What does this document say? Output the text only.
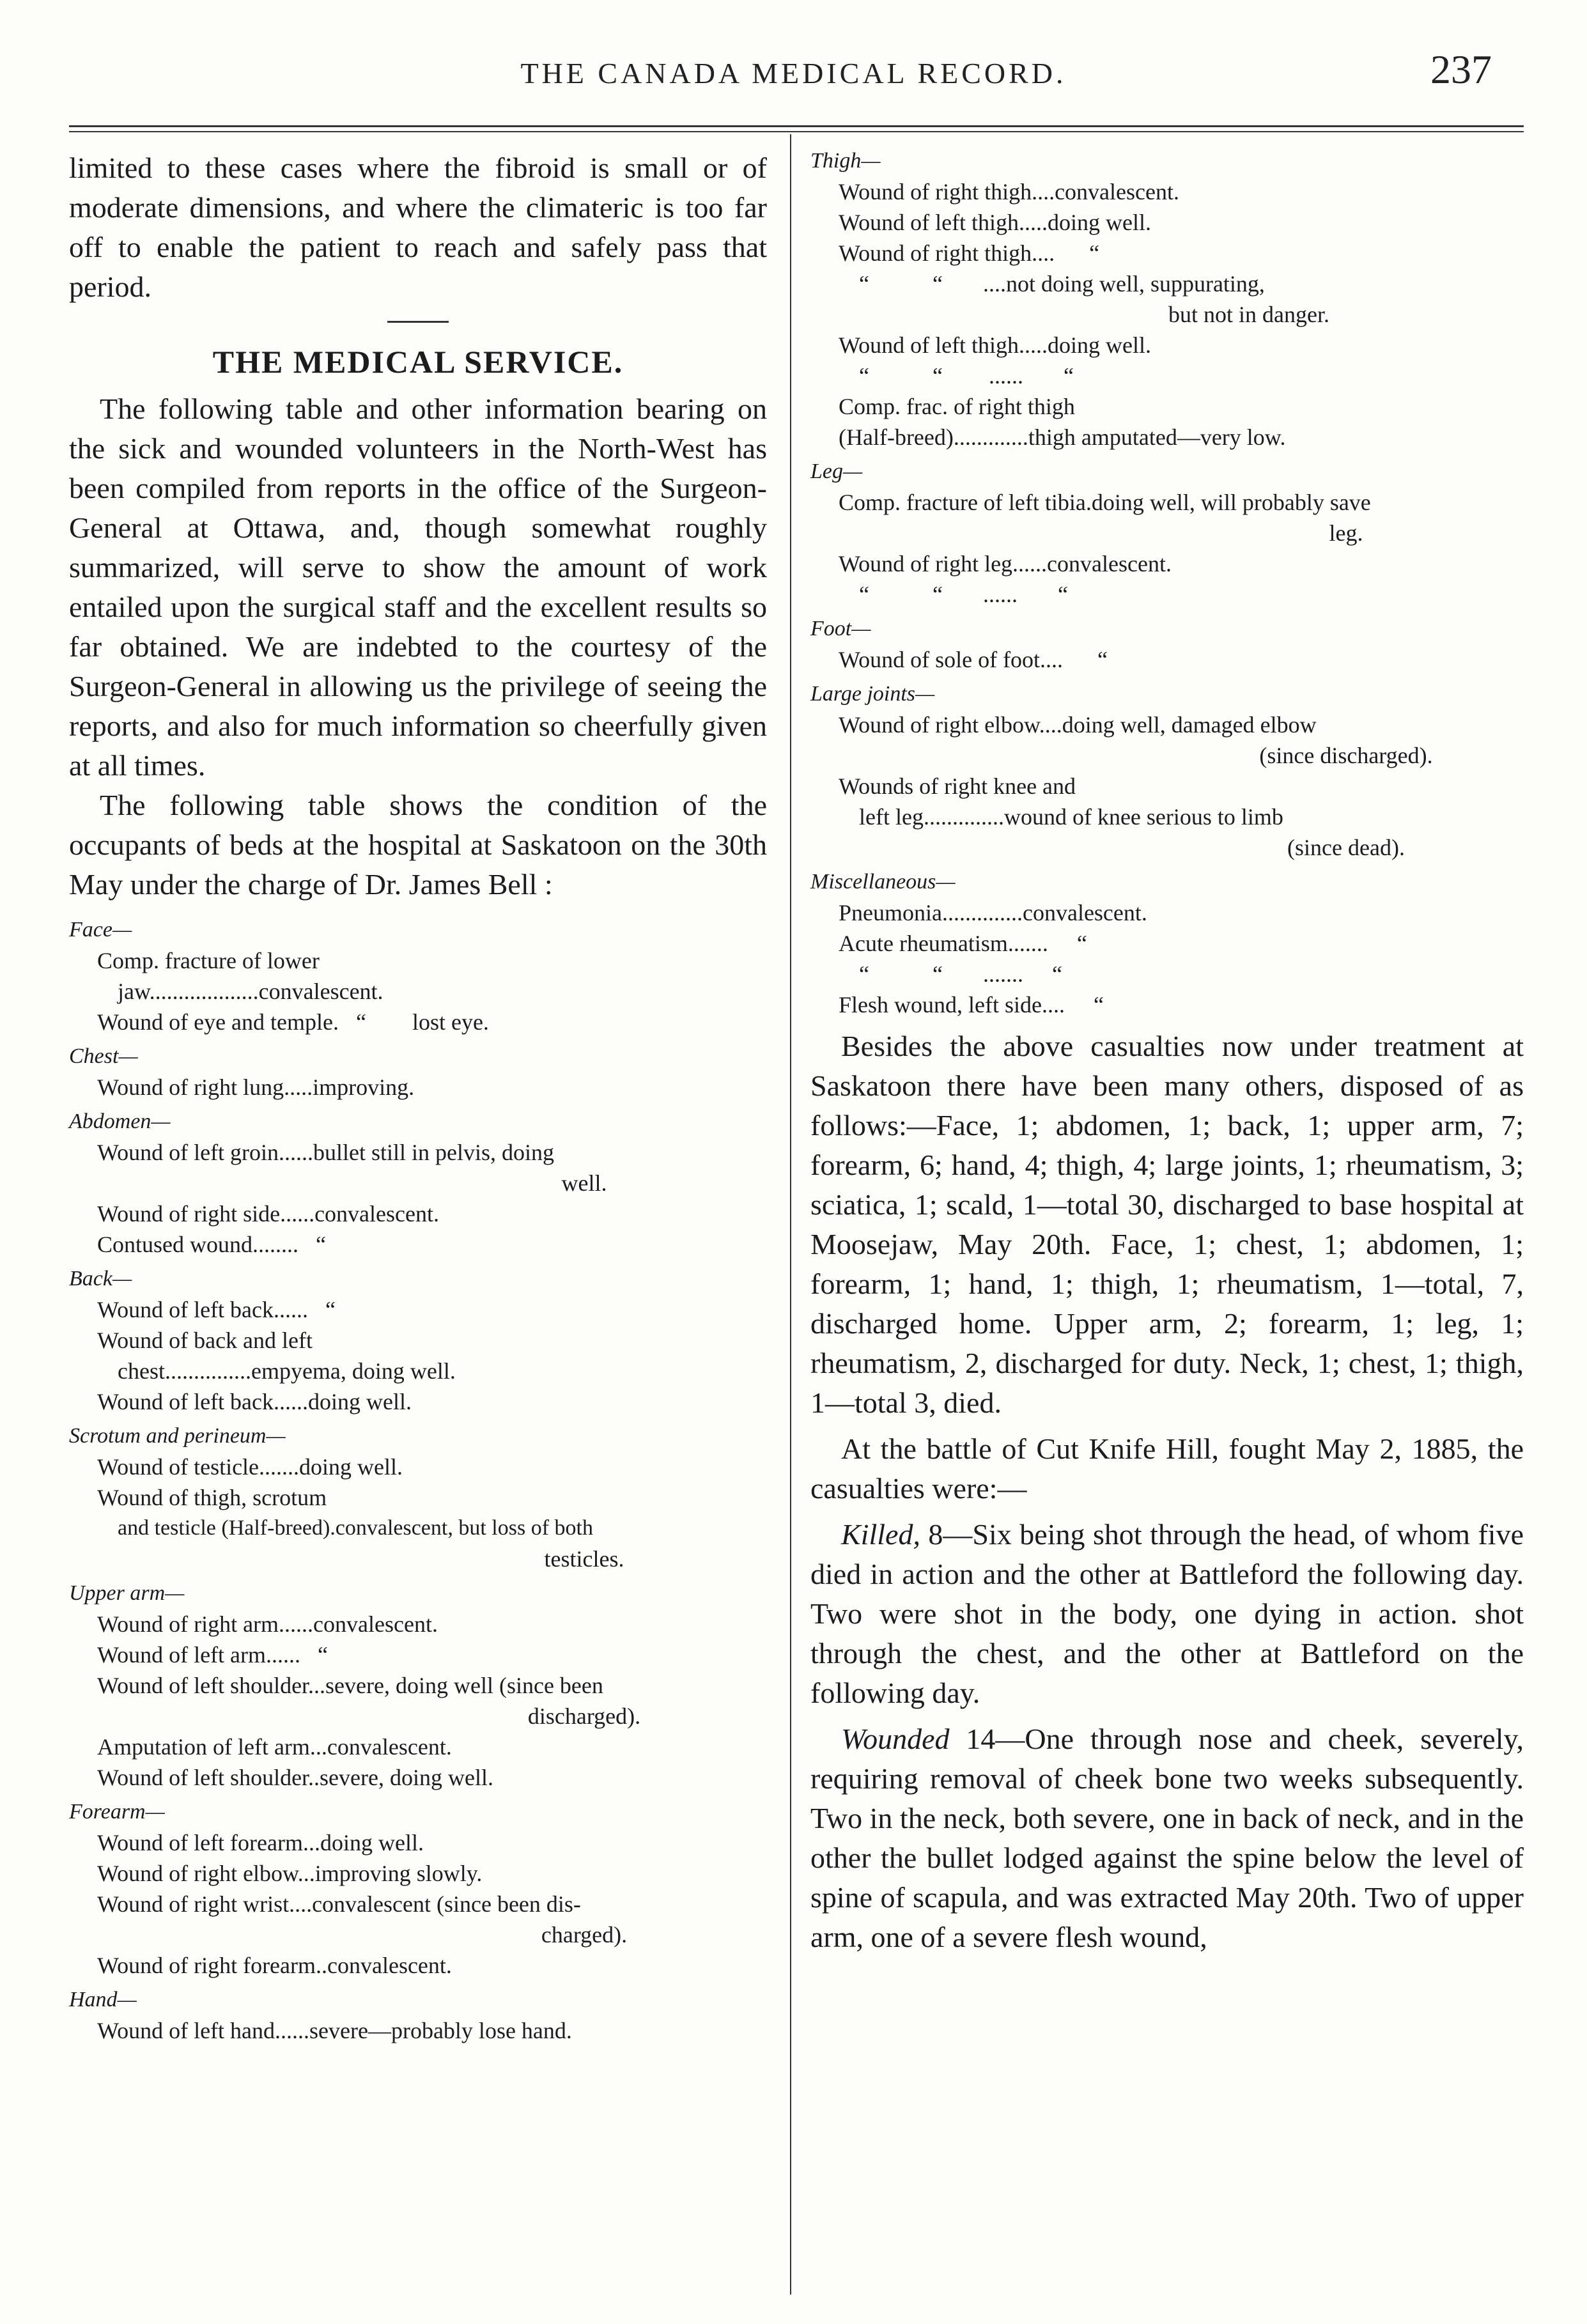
THE CANADA MEDICAL RECORD.	237

limited to these cases where the fibroid is small or of moderate dimensions, and where the climateric is too far off to enable the patient to reach and safely pass that period.

THE MEDICAL SERVICE.

The following table and other information bearing on the sick and wounded volunteers in the North-West has been compiled from reports in the office of the Surgeon-General at Ottawa, and, though somewhat roughly summarized, will serve to show the amount of work entailed upon the surgical staff and the excellent results so far obtained. We are indebted to the courtesy of the Surgeon-General in allowing us the privilege of seeing the reports, and also for much information so cheerfully given at all times.

The following table shows the condition of the occupants of beds at the hospital at Saskatoon on the 30th May under the charge of Dr. James Bell :

Face—
Comp. fracture of lower
jaw...................convalescent.
Wound of eye and temple.   “        lost eye.
Chest—
Wound of right lung.....improving.
Abdomen—
Wound of left groin......bullet still in pelvis, doing
well.
Wound of right side......convalescent.
Contused wound........   “
Back—
Wound of left back......   “
Wound of back and left
chest...............empyema, doing well.
Wound of left back......doing well.
Scrotum and perineum—
Wound of testicle.......doing well.
Wound of thigh, scrotum
and testicle (Half-breed).convalescent, but loss of both
testicles.
Upper arm—
Wound of right arm......convalescent.
Wound of left arm......   “
Wound of left shoulder...severe, doing well (since been
discharged).
Amputation of left arm...convalescent.
Wound of left shoulder..severe, doing well.
Forearm—
Wound of left forearm...doing well.
Wound of right elbow...improving slowly.
Wound of right wrist....convalescent (since been dis-
charged).
Wound of right forearm..convalescent.
Hand—
Wound of left hand......severe—probably lose hand.
Thigh—
Wound of right thigh....convalescent.
Wound of left thigh.....doing well.
Wound of right thigh....      “
“           “       ....not doing well, suppurating,
but not in danger.
Wound of left thigh.....doing well.
“           “        ......       “
Comp. frac. of right thigh
(Half-breed).............thigh amputated—very low.
Leg—
Comp. fracture of left tibia.doing well, will probably save
leg.
Wound of right leg......convalescent.
“           “       ......       “
Foot—
Wound of sole of foot....      “
Large joints—
Wound of right elbow....doing well, damaged elbow
(since discharged).
Wounds of right knee and
left leg..............wound of knee serious to limb
(since dead).
Miscellaneous—
Pneumonia..............convalescent.
Acute rheumatism.......     “
“           “       .......     “
Flesh wound, left side....     “

Besides the above casualties now under treatment at Saskatoon there have been many others, disposed of as follows:—Face, 1; abdomen, 1; back, 1; upper arm, 7; forearm, 6; hand, 4; thigh, 4; large joints, 1; rheumatism, 3; sciatica, 1; scald, 1—total 30, discharged to base hospital at Moosejaw, May 20th. Face, 1; chest, 1; abdomen, 1; forearm, 1; hand, 1; thigh, 1; rheumatism, 1—total, 7, discharged home. Upper arm, 2; forearm, 1; leg, 1; rheumatism, 2, discharged for duty. Neck, 1; chest, 1; thigh, 1—total 3, died.

At the battle of Cut Knife Hill, fought May 2, 1885, the casualties were:—

Killed, 8—Six being shot through the head, of whom five died in action and the other at Battleford the following day. Two were shot in the body, one dying in action. shot through the chest, and the other at Battleford on the following day.

Wounded 14—One through nose and cheek, severely, requiring removal of cheek bone two weeks subsequently. Two in the neck, both severe, one in back of neck, and in the other the bullet lodged against the spine below the level of spine of scapula, and was extracted May 20th. Two of upper arm, one of a severe flesh wound,
